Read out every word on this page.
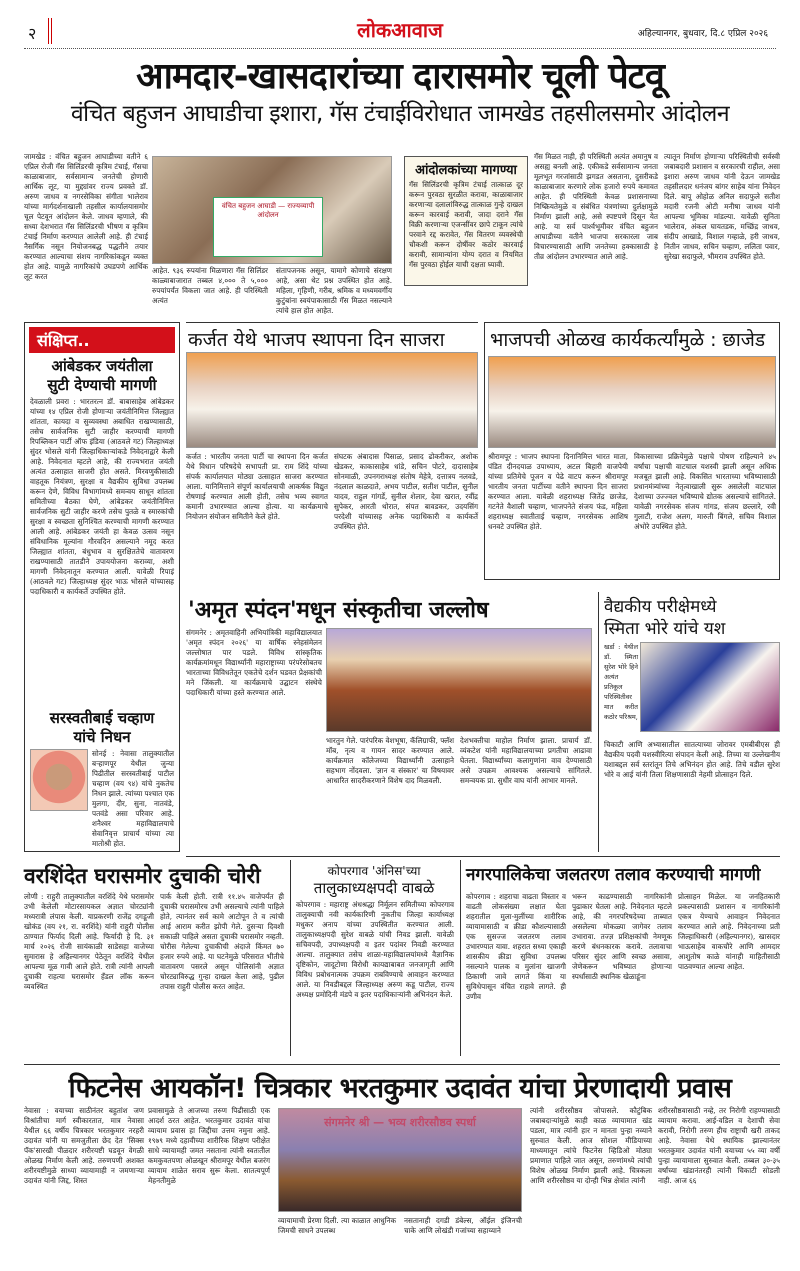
२	लोकआवाज	अहिल्यानगर, बुधवार, दि.८ एप्रिल २०२६
आमदार-खासदारांच्या दारासमोर चूली पेटवू
वंचित बहुजन आघाडीचा इशारा, गॅस टंचाईविरोधात जामखेड तहसीलसमोर आंदोलन
जामखेड : वंचित बहुजन आघाडीच्या वतीने ६ एप्रिल रोजी गॅस सिलिंडरची कृत्रिम टंचाई, गॅसचा काळाबाजार, सर्वसामान्य जनतेची होणारी आर्थिक लूट, या मुद्द्यांवर राज्य प्रवक्ते डॉ. अरुण जाधव व नगरसेविका संगीता भालेराव यांच्या मार्गदर्शनाखाली तहसील कार्यालयासमोर चूल पेटवून आंदोलन केले. जाधव म्हणाले, की सध्या देशभरात गॅस सिलिंडरची भीषण व कृत्रिम टंचाई निर्माण करण्यात आलेली आहे. ही टंचाई नैसर्गिक नसून नियोजनबद्ध पद्धतीने तयार करण्यात आल्याचा संशय नागरिकांकडून व्यक्त होत आहे. यामुळे नागरिकांचे उघडपणे आर्थिक लूट करत
वंचित बहुजन आघाडी — राज्यव्यापी आंदोलन
आहेत. ९३६ रुपयांना मिळणारा गॅस सिलिंडर काळ्याबाजारात तब्बल ४,००० ते ५,००० रुपयांपर्यंत विकला जात आहे. ही परिस्थिती अत्यंत
संतापजनक असून, यामागे कोणाचे संरक्षण आहे, असा थेट प्रश्न उपस्थित होत आहे. महिला, गृहिणी, गरीब, श्रमिक व मध्यमवर्गीय कुटुंबांना स्वयंपाकासाठी गॅस मिळत नसल्याने त्यांचे हाल होत आहेत.
आंदोलकांच्या मागण्या
गॅस सिलिंडरची कृत्रिम टंचाई तात्काळ दूर करून पुरवठा सुरळीत करावा, काळाबाजार करणाऱ्या दलालांविरुद्ध तात्काळ गुन्हे दाखल करून कारवाई करावी, जादा दराने गॅस विक्री करणाऱ्या एजन्सींवर छापे टाकून त्यांचे परवाने रद्द करावेत, गॅस वितरण व्यवस्थेची चौकशी करून दोषींवर कठोर कारवाई करावी, सामान्यांना योग्य दरात व नियमित गॅस पुरवठा होईल याची दक्षता घ्यावी.
गॅस मिळत नाही, ही परिस्थिती अत्यंत अमानुष व असह्य बनली आहे. एकीकडे सर्वसामान्य जनता मूलभूत गरजांसाठी झगडत असताना, दुसरीकडे काळाबाजार करणारे लोक हजारो रुपये कमावत आहेत. ही परिस्थिती केवळ प्रशासनाच्या निष्क्रियतेमुळे व संबंधित यंत्रणांच्या दुर्लक्षामुळे निर्माण झाली आहे, असे स्पष्टपणे दिसून येत आहे. या सर्व पार्श्वभूमीवर वंचित बहुजन आघाडीच्या वतीने भाजपा सरकारला जाब विचारण्यासाठी आणि जनतेच्या हक्कासाठी हे तीव्र आंदोलन उभारण्यात आले आहे.
त्यातून निर्माण होणाऱ्या परिस्थितीची सर्वस्वी जबाबदारी प्रशासन व सरकारची राहील, असा इशारा अरुण जाधव यांनी देऊन जामखेड तहसीलदार धनंजय बांगर साहेब यांना निवेदन दिले. बापू ओहोळ अनिल सदाफुले सतीश मदारी रजनी ओटी मनीषा जाधव यांनी आपल्या भूमिका मांडल्या. यावेळी सुनिता भालेराव, अंकल घायतडक, मच्छिंद्र जाधव, संदीप आखाडे, विशाल गव्हाळे, हरी जाधव, नितीन जाधव, सचिन चव्हाण, ललिता पवार, सुरेखा सदाफुले, भीमराव उपस्थित होते.
संक्षिप्त..
आंबेडकर जयंतीला
सुटी देण्याची मागणी
देवळाली प्रवरा : भारतरत्न डॉ. बाबासाहेब आंबेडकर यांच्या १४ एप्रिल रोजी होणाऱ्या जयंतीनिमित्त जिल्ह्यात शांतता, कायदा व सुव्यवस्था अबाधित राखण्यासाठी, तसेच सार्वजनिक सुटी जाहीर करण्याची मागणी रिपब्लिकन पार्टी ऑफ इंडिया (आठवले गट) जिल्हाध्यक्ष सुंदर भोसले यांनी जिल्हाधिकाऱ्यांकडे निवेदनाद्वारे केली आहे. निवेदनात म्हटले आहे, की राज्यभरात जयंती अत्यंत उत्साहात साजरी होत असते. मिरवणुकीसाठी वाहतूक नियंत्रण, सुरक्षा व वैद्यकीय सुविधा उपलब्ध करून देणे, विविध विभागांमध्ये समन्वय साधून शांतता समितीच्या बैठका घेणे, आंबेडकर जयंतीनिमित्त सार्वजनिक सुटी जाहीर करणे तसेच पुतळे व स्मारकांची सुरक्षा व स्वच्छता सुनिश्चित करण्याची मागणी करण्यात आली आहे. आंबेडकर जयंती हा केवळ उत्सव नसून संविधानिक मूल्यांना गौरवदिन असल्याने नमूद करत जिल्ह्यात शांतता, बंधुभाव व सुरक्षिततेचे वातावरण राखण्यासाठी तातडीने उपाययोजना कराव्या, अशी मागणी निवेदनातून करण्यात आली. यावेळी रिपाइं (आठवले गट) जिल्हाध्यक्ष सुंदर भाऊ भोसले यांच्यासह पदाधिकारी व कार्यकर्ते उपस्थित होते.
सरस्वतीबाई चव्हाण
यांचे निधन
सोनई : नेवासा तालुक्यातील बऱ्हाणपूर येथील जुन्या पिढीतील सरस्वतीबाई पाटील चव्हाण (वय ९४) यांचे नुकतेच निधन झाले. त्यांच्या पश्चात एक मुलगा, दीर, सुना, नातवंडे, पतवंडे असा परिवार आहे. शनैश्वर महाविद्यालयाचे सेवानिवृत्त प्राचार्य यांच्या त्या मातोश्री होत.
कर्जत येथे भाजप स्थापना दिन साजरा
कर्जत : भारतीय जनता पार्टी चा स्थापना दिन कर्जत येथे विधान परिषदेचे सभापती प्रा. राम शिंदे यांच्या संपर्क कार्यालयात मोठ्या उत्साहात साजरा करण्यात आला. यानिमित्ताने संपूर्ण कार्यालयाची आकर्षक विद्युत रोषणाई करण्यात आली होती, तसेच भव्य स्वागत कमानी उभारण्यात आल्या होत्या. या कार्यक्रमाचे नियोजन संयोजन समितीने केले होते.
संघटक अंबादास पिसाळ, प्रसाद ढोकरीकर, अशोक खेडकर, काकासाहेब धांडे, सचिन पोटरे, दादासाहेब सोनमाळी, उपनगराध्यक्ष संतोष मेहेत्रे, दत्तात्रय नलवडे, नंदलाल काळदाते, अभय पाटील, सतीश पाटील, सुनील यादव, राहुल गांगर्डे, सुनील शेलार, देवा खरात, रवींद्र सुपेकर, आरती थोरात, संपत बावडकर, उदयसिंग परदेशी यांच्यासह अनेक पदाधिकारी व कार्यकर्ते उपस्थित होते.
भाजपची ओळख कार्यकर्त्यांमुळे : छाजेड
श्रीरामपूर : भाजप स्थापना दिनानिमित्त भारत माता, पंडित दीनदयाळ उपाध्याय, अटल बिहारी वाजपेयी यांच्या प्रतिमेचे पूजन व पेढे वाटप करून श्रीरामपूर भारतीय जनता पार्टीच्या वतीने स्थापना दिन साजरा करण्यात आला. यावेळी शहराध्यक्ष जितेंद्र छाजेड, गटनेते वैशाली चव्हाण, भाजपनेते संजय फंड, महिला शहराध्यक्ष स्वातीताई चव्हाण, नगरसेवक आशिष धनवटे उपस्थित होते.
विकासाच्या प्रक्रियेमुळे पक्षाचे पोषण राहिल्याने ४५ वर्षांचा पक्षाची वाटचाल यशस्वी झाली असून अधिक मजबूत झाली आहे. विकसित भारताच्या भविष्यासाठी प्रधानमंत्र्यांच्या नेतृत्वाखाली सुरू असलेली वाटचाल देशाच्या उज्ज्वल भविष्याचे द्योतक असल्याचे सांगितले. यावेळी नगरसेवक संजय गांगड, संजय छल्लारे, रवी गुलाटी, राजेश अलग, मारुती बिंगले, सचिव विशाल अंभोरे उपस्थित होते.
'अमृत स्पंदन'मधून संस्कृतीचा जल्लोष
संगमनेर : अमृतवाहिनी अभियांत्रिकी महाविद्यालयात 'अमृत स्पंदन २०२६' या वार्षिक स्नेहसंमेलन जल्लोषात पार पडले. विविध सांस्कृतिक कार्यक्रमांमधून विद्यार्थ्यांनी महाराष्ट्राच्या परंपरेसोबतच भारताच्या विविधतेतून एकतेचे दर्शन घडवत प्रेक्षकांची मने जिंकली. या कार्यक्रमाचे उद्घाटन संस्थेचे पदाधिकारी यांच्या हस्ते करण्यात आले.
भारतुन गेले. पारंपरिक वेशभूषा, कॅलिग्राफी, फ्लॅश मॉब, नृत्य व गायन सादर करण्यात आले. कार्यक्रमात कॉलेजच्या विद्यार्थ्यांनी उत्साहाने सहभाग नोंदवला. 'ज्ञान व संस्कार' या विषयावर आधारित सादरीकरणाने विशेष दाद मिळवली.
देशभक्तीचा माहोल निर्माण झाला. प्राचार्य डॉ. व्यंकटेश यांनी महाविद्यालयाच्या प्रगतीचा आढावा घेतला. विद्यार्थ्यांच्या कलागुणांना वाव देण्यासाठी असे उपक्रम आवश्यक असल्याचे सांगितले. समन्वयक प्रा. सुधीर वाघ यांनी आभार मानले.
वैद्यकीय परीक्षेमध्ये
स्मिता भोरे यांचे यश
खर्डा : येथील डॉ. स्मिता सुरेश भोरे हिने अत्यंत प्रतिकूल परिस्थितीवर मात करीत कठोर परिश्रम,
चिकाटी आणि अभ्यासातील सातत्याच्या जोरावर एमबीबीएस ही वैद्यकीय पदवी यशस्वीरित्या संपादन केली आहे. तिच्या या उल्लेखनीय यशाबद्दल सर्व स्तरांतून तिचे अभिनंदन होत आहे. तिचे वडील सुरेश भोरे व आई यांनी तिला शिक्षणासाठी नेहमी प्रोत्साहन दिले.
वरशिंदेत घरासमोर दुचाकी चोरी
लोणी : राहुरी तालुक्यातील वरशिंदे येथे घरासमोर उभी केलेली मोटारसायकल अज्ञात चोरट्यांनी मध्यरात्री लंपास केली. याप्रकरणी राजेंद्र दगडूजी खोकंड (वय २१, रा. वरशिंदे) यांनी राहुरी पोलीस ठाण्यात फिर्याद दिली आहे. फिर्यादी हे दि. ३१ मार्च २०२६ रोजी सायंकाळी साडेसहा वाजेच्या सुमारास हे अहिल्यानगर पेठेतून वरशिंदे येथील आपल्या मूळ गावी आले होते. रात्री त्यांनी आपली दुचाकी राहत्या घरासमोर हँडल लॉक करून व्यवस्थित
पार्क केली होती. रात्री ११.४५ वाजेपर्यंत ही दुचाकी घरासमोरच उभी असल्याचे त्यांनी पाहिले होते, त्यानंतर सर्व कामे आटोपून ते व त्यांची आई आराम करीत झोपी गेले. दुसऱ्या दिवशी सकाळी पाहिले असता दुचाकी घरासमोर नव्हती. चोरीस गेलेल्या दुचाकीची अंदाजे किंमत ७० हजार रुपये आहे. या घटनेमुळे परिसरात भीतीचे वातावरण पसरले असून पोलिसांनी अज्ञात चोरट्याविरुद्ध गुन्हा दाखल केला आहे, पुढील तपास राहुरी पोलीस करत आहेत.
कोपरगाव 'अंनिस'च्या
तालुकाध्यक्षपदी वाबळे
कोपरगाव : महाराष्ट्र अंधश्रद्धा निर्मूलन समितीच्या कोपरगाव तालुक्याची नवी कार्यकारिणी नुकतीच जिल्हा कार्याध्यक्ष मधुकर अनाप यांच्या उपस्थितीत करण्यात आली. तालुकाध्यक्षपदी सुरेश वाबळे यांची निवड झाली. यावेळी सचिवपदी, उपाध्यक्षपदी व इतर पदांवर निवडी करण्यात आल्या. तालुक्यात तसेच शाळा-महाविद्यालयांमध्ये वैज्ञानिक दृष्टिकोन, जादूटोणा विरोधी कायद्याबाबत जनजागृती आणि विविध प्रबोधनात्मक उपक्रम राबविण्याचे आवाहन करण्यात आले. या निवडीबद्दल जिल्हाध्यक्ष अरुण कडू पाटील, राज्य अध्यक्ष प्रमोदिनी मंडपे व इतर पदाधिकाऱ्यांनी अभिनंदन केले.
नगरपालिकेचा जलतरण तलाव करण्याची मागणी
कोपरगाव : शहराचा वाढता विस्तार व वाढती लोकसंख्या लक्षात घेता शहरातील मुला-मुलींच्या शारीरिक व्यायामासाठी व क्रीडा कौशल्यासाठी एक सुसज्ज जलतरण तलाव उभारण्यात यावा. शहरात सध्या एकाही शासकीय क्रीडा सुविधा उपलब्ध नसल्याने पालक व मुलांना खाजगी ठिकाणी जावे लागते किंवा या सुविधेपासून वंचित राहावे लागते. ही उणीव
भरून काढण्यासाठी नागरिकांनी पुढाकार घेतला आहे. निवेदनात म्हटले आहे, की नगरपरिषदेच्या ताब्यात असलेल्या मोकळ्या जागेवर तलाव उभारावा. तज्ज्ञ प्रशिक्षकांची नेमणूक करणे बंधनकारक करावे. तलावाचा परिसर सुंदर आणि स्वच्छ असावा, जेणेकरून भविष्यात होणाऱ्या स्पर्धांसाठी स्थानिक खेळाडूंना
प्रोत्साहन मिळेल. या जनहितकारी प्रकल्पासाठी प्रशासन व नागरिकांनी एकत्र येण्याचे आवाहन निवेदनात करण्यात आले आहे. निवेदनाच्या प्रती जिल्हाधिकारी (अहिल्यानगर), खासदार भाऊसाहेब वाकचौरे आणि आमदार आशुतोष काळे यांनाही माहितीसाठी पाठवण्यात आल्या आहेत.
फिटनेस आयकॉन! चित्रकार भरतकुमार उदावंत यांचा प्रेरणादायी प्रवास
नेवासा : वयाच्या साठीनंतर बहुतांश जण विश्रांतीचा मार्ग स्वीकारतात, मात्र नेवासा येथील ६६ वर्षीय चित्रकार भरतकुमार नरहरी उदावंत यांनी या समजुतीला छेद देत 'सिक्स पॅक'सारखी पीळदार शरीरयष्टी घडवून वेगळी ओळख निर्माण केली आहे. तरुणपणी अशक्त शरीरयष्टीमुळे साध्या व्यायामाही न जमणाऱ्या उदावंत यांनी जिद्द, शिस्त
प्रवासामुळे ते आजच्या तरुण पिढीसाठी एक आदर्श ठरत आहेत. भरतकुमार उदावंत यांचा व्यायाम प्रवास हा जिद्दीचा उत्तम नमुना आहे. १९७९ मध्ये दहावीच्या शारीरिक शिक्षण परीक्षेत साधे व्यायामही जमत नसताना त्यांनी स्वतःतील कमकुवतपणा ओळखून श्रीरामपूर येथील बजरंग व्यायाम शाळेत सराव सुरू केला. सातत्यपूर्ण मेहनतीमुळे
संगमनेर श्री — भव्य शरीरसौष्ठव स्पर्धा
व्यायामाची प्रेरणा दिली. त्या काळात आधुनिक जिमची साधने उपलब्ध
नसतानाही दगडी डंबेल्स, ऑईल इंजिनची चाके आणि लोखंडी गजांच्या सहाय्याने
त्यांनी शरीरसौष्ठव जोपासले. कौटुंबिक जबाबदाऱ्यांमुळे काही काळ व्यायामात खंड पडला, मात्र त्यांनी हार न मानता पुन्हा नव्याने सुरुवात केली. आज सोशल मीडियाच्या माध्यमातून त्यांचे फिटनेस व्हिडिओ मोठ्या प्रमाणात पाहिले जात असून, तरुणांमध्ये त्यांची विशेष ओळख निर्माण झाली आहे. चित्रकला आणि शरीरसौष्ठव या दोन्ही भिन्न क्षेत्रांत त्यांनी
शरीरसौष्ठवासाठी नव्हे, तर निरोगी राहण्यासाठी व्यायाम करावा. आई-वडिल व देशाची सेवा करावी, निरोगी तरुण हीच राष्ट्राची खरी ताकद आहे. नेवासा येथे स्थायिक झाल्यानंतर भरतकुमार उदावंत यांनी वयाच्या ५५ व्या वर्षी पुन्हा व्यायामाला सुरुवात केली. तब्बल ३०-३५ वर्षांच्या खंडानंतरही त्यांनी चिकाटी सोडली नाही. आज ६६
